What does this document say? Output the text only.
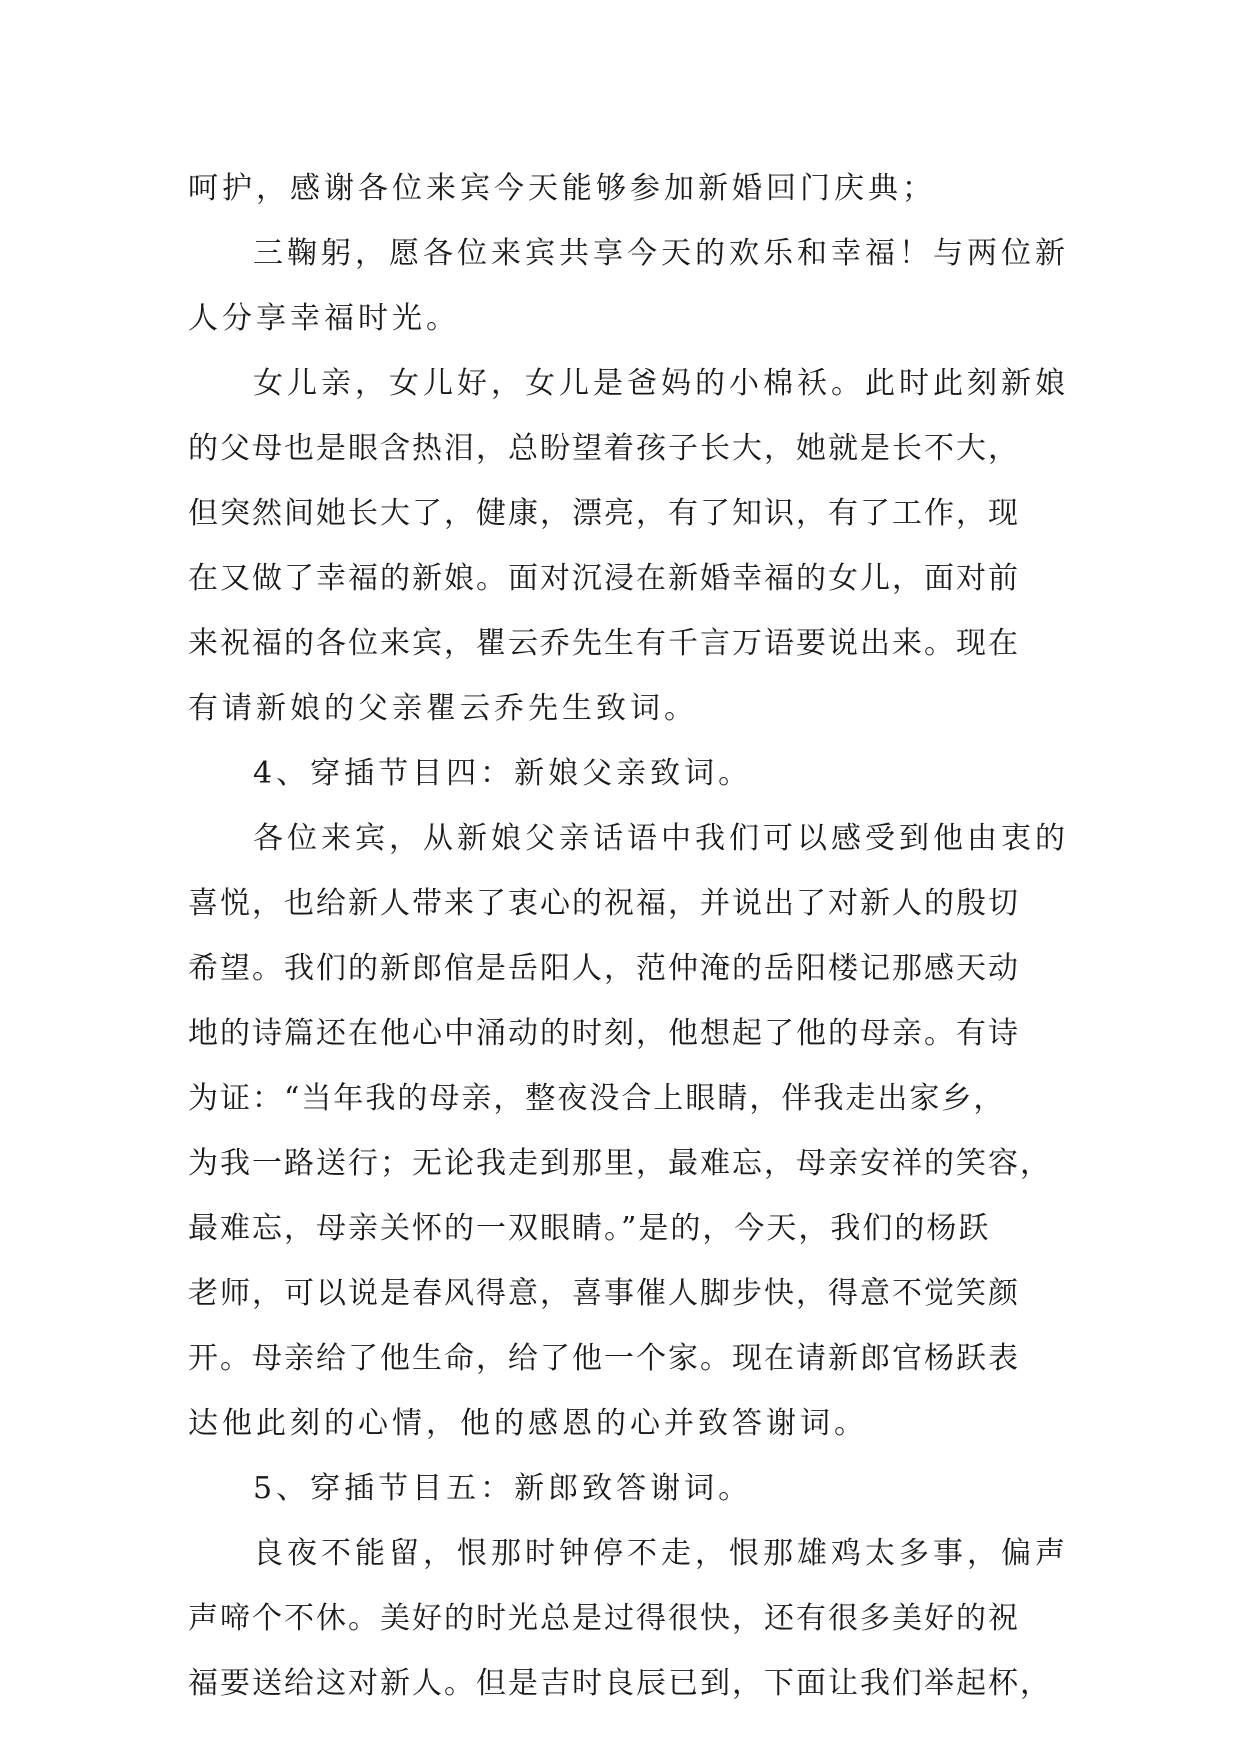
呵护，感谢各位来宾今天能够参加新婚回门庆典；
三鞠躬，愿各位来宾共享今天的欢乐和幸福！与两位新
人分享幸福时光。
女儿亲，女儿好，女儿是爸妈的小棉袄。此时此刻新娘
的父母也是眼含热泪，总盼望着孩子长大，她就是长不大，
但突然间她长大了，健康，漂亮，有了知识，有了工作，现
在又做了幸福的新娘。面对沉浸在新婚幸福的女儿，面对前
来祝福的各位来宾，瞿云乔先生有千言万语要说出来。现在
有请新娘的父亲瞿云乔先生致词。
4、穿插节目四：新娘父亲致词。
各位来宾，从新娘父亲话语中我们可以感受到他由衷的
喜悦，也给新人带来了衷心的祝福，并说出了对新人的殷切
希望。我们的新郎倌是岳阳人，范仲淹的岳阳楼记那感天动
地的诗篇还在他心中涌动的时刻，他想起了他的母亲。有诗
为证：“当年我的母亲，整夜没合上眼睛，伴我走出家乡，
为我一路送行；无论我走到那里，最难忘，母亲安祥的笑容，
最难忘，母亲关怀的一双眼睛。”是的，今天，我们的杨跃
老师，可以说是春风得意，喜事催人脚步快，得意不觉笑颜
开。母亲给了他生命，给了他一个家。现在请新郎官杨跃表
达他此刻的心情，他的感恩的心并致答谢词。
5、穿插节目五：新郎致答谢词。
良夜不能留，恨那时钟停不走，恨那雄鸡太多事，偏声
声啼个不休。美好的时光总是过得很快，还有很多美好的祝
福要送给这对新人。但是吉时良辰已到，下面让我们举起杯，
